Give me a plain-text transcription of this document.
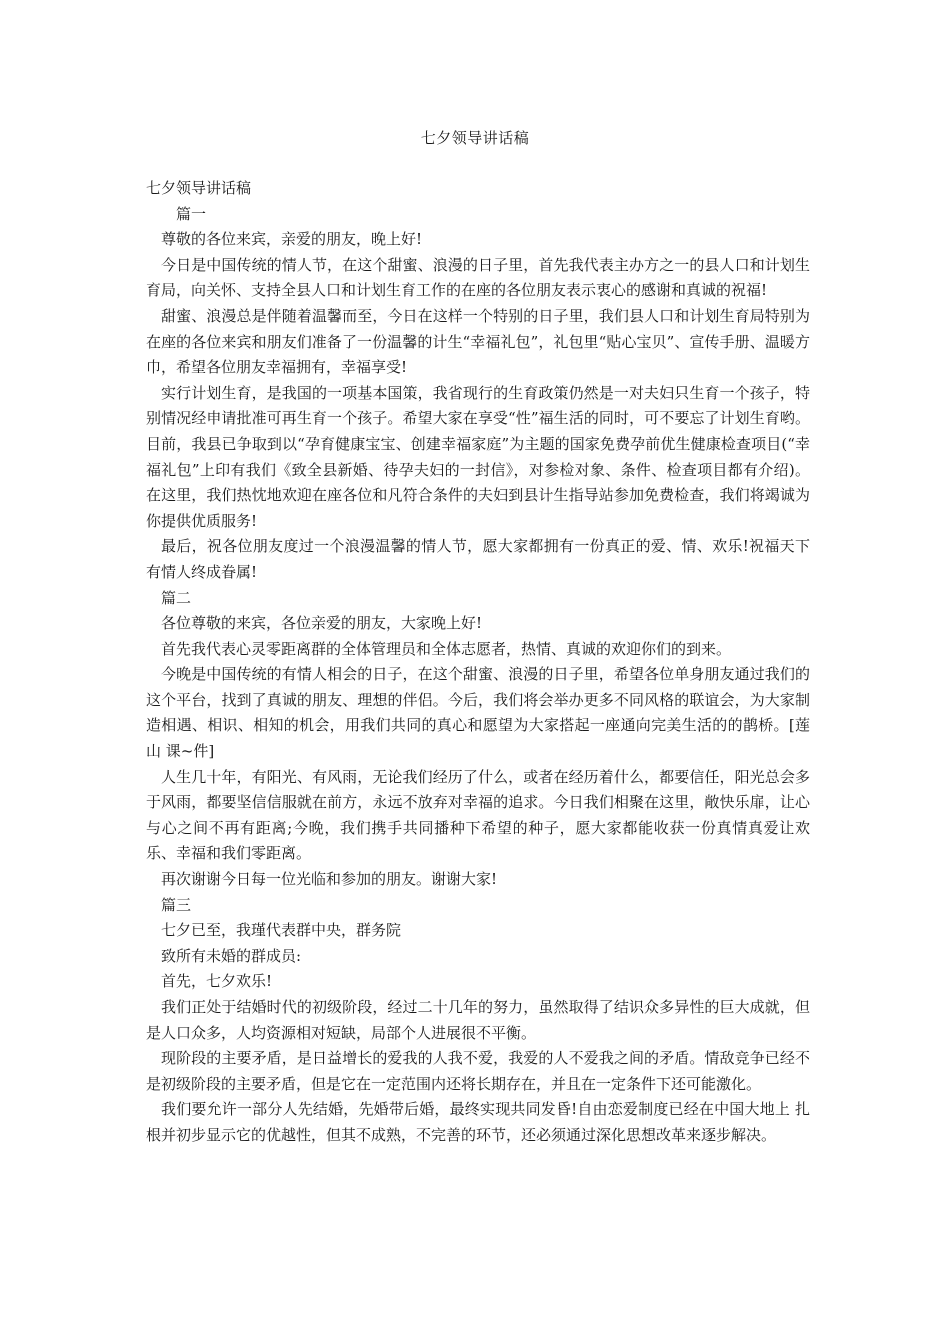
七夕领导讲话稿

七夕领导讲话稿

篇一

尊敬的各位来宾，亲爱的朋友，晚上好!

今日是中国传统的情人节，在这个甜蜜、浪漫的日子里，首先我代表主办方之一的县人口和计划生育局，向关怀、支持全县人口和计划生育工作的在座的各位朋友表示衷心的感谢和真诚的祝福!

甜蜜、浪漫总是伴随着温馨而至，今日在这样一个特别的日子里，我们县人口和计划生育局特别为在座的各位来宾和朋友们准备了一份温馨的计生“幸福礼包”，礼包里“贴心宝贝”、宣传手册、温暖方巾，希望各位朋友幸福拥有，幸福享受!

实行计划生育，是我国的一项基本国策，我省现行的生育政策仍然是一对夫妇只生育一个孩子，特别情况经申请批准可再生育一个孩子。希望大家在享受“性”福生活的同时，可不要忘了计划生育哟。目前，我县已争取到以“孕育健康宝宝、创建幸福家庭”为主题的国家免费孕前优生健康检查项目(“幸福礼包”上印有我们《致全县新婚、待孕夫妇的一封信》，对参检对象、条件、检查项目都有介绍)。在这里，我们热忱地欢迎在座各位和凡符合条件的夫妇到县计生指导站参加免费检查，我们将竭诚为你提供优质服务!

最后，祝各位朋友度过一个浪漫温馨的情人节，愿大家都拥有一份真正的爱、情、欢乐!祝福天下有情人终成眷属!

篇二

各位尊敬的来宾，各位亲爱的朋友，大家晚上好!

首先我代表心灵零距离群的全体管理员和全体志愿者，热情、真诚的欢迎你们的到来。

今晚是中国传统的有情人相会的日子，在这个甜蜜、浪漫的日子里，希望各位单身朋友通过我们的这个平台，找到了真诚的朋友、理想的伴侣。今后，我们将会举办更多不同风格的联谊会，为大家制造相遇、相识、相知的机会，用我们共同的真心和愿望为大家搭起一座通向完美生活的的鹊桥。[莲山 课~件]

人生几十年，有阳光、有风雨，无论我们经历了什么，或者在经历着什么，都要信任，阳光总会多于风雨，都要坚信信服就在前方，永远不放弃对幸福的追求。今日我们相聚在这里，敞快乐扉，让心与心之间不再有距离;今晚，我们携手共同播种下希望的种子，愿大家都能收获一份真情真爱让欢乐、幸福和我们零距离。

再次谢谢今日每一位光临和参加的朋友。谢谢大家!

篇三

七夕已至，我瑾代表群中央，群务院

致所有未婚的群成员:

首先，七夕欢乐!

我们正处于结婚时代的初级阶段，经过二十几年的努力，虽然取得了结识众多异性的巨大成就，但是人口众多，人均资源相对短缺，局部个人进展很不平衡。

现阶段的主要矛盾，是日益增长的爱我的人我不爱，我爱的人不爱我之间的矛盾。情敌竞争已经不是初级阶段的主要矛盾，但是它在一定范围内还将长期存在，并且在一定条件下还可能激化。

我们要允许一部分人先结婚，先婚带后婚，最终实现共同发昏!自由恋爱制度已经在中国大地上 扎根并初步显示它的优越性，但其不成熟，不完善的环节，还必须通过深化思想改革来逐步解决。
